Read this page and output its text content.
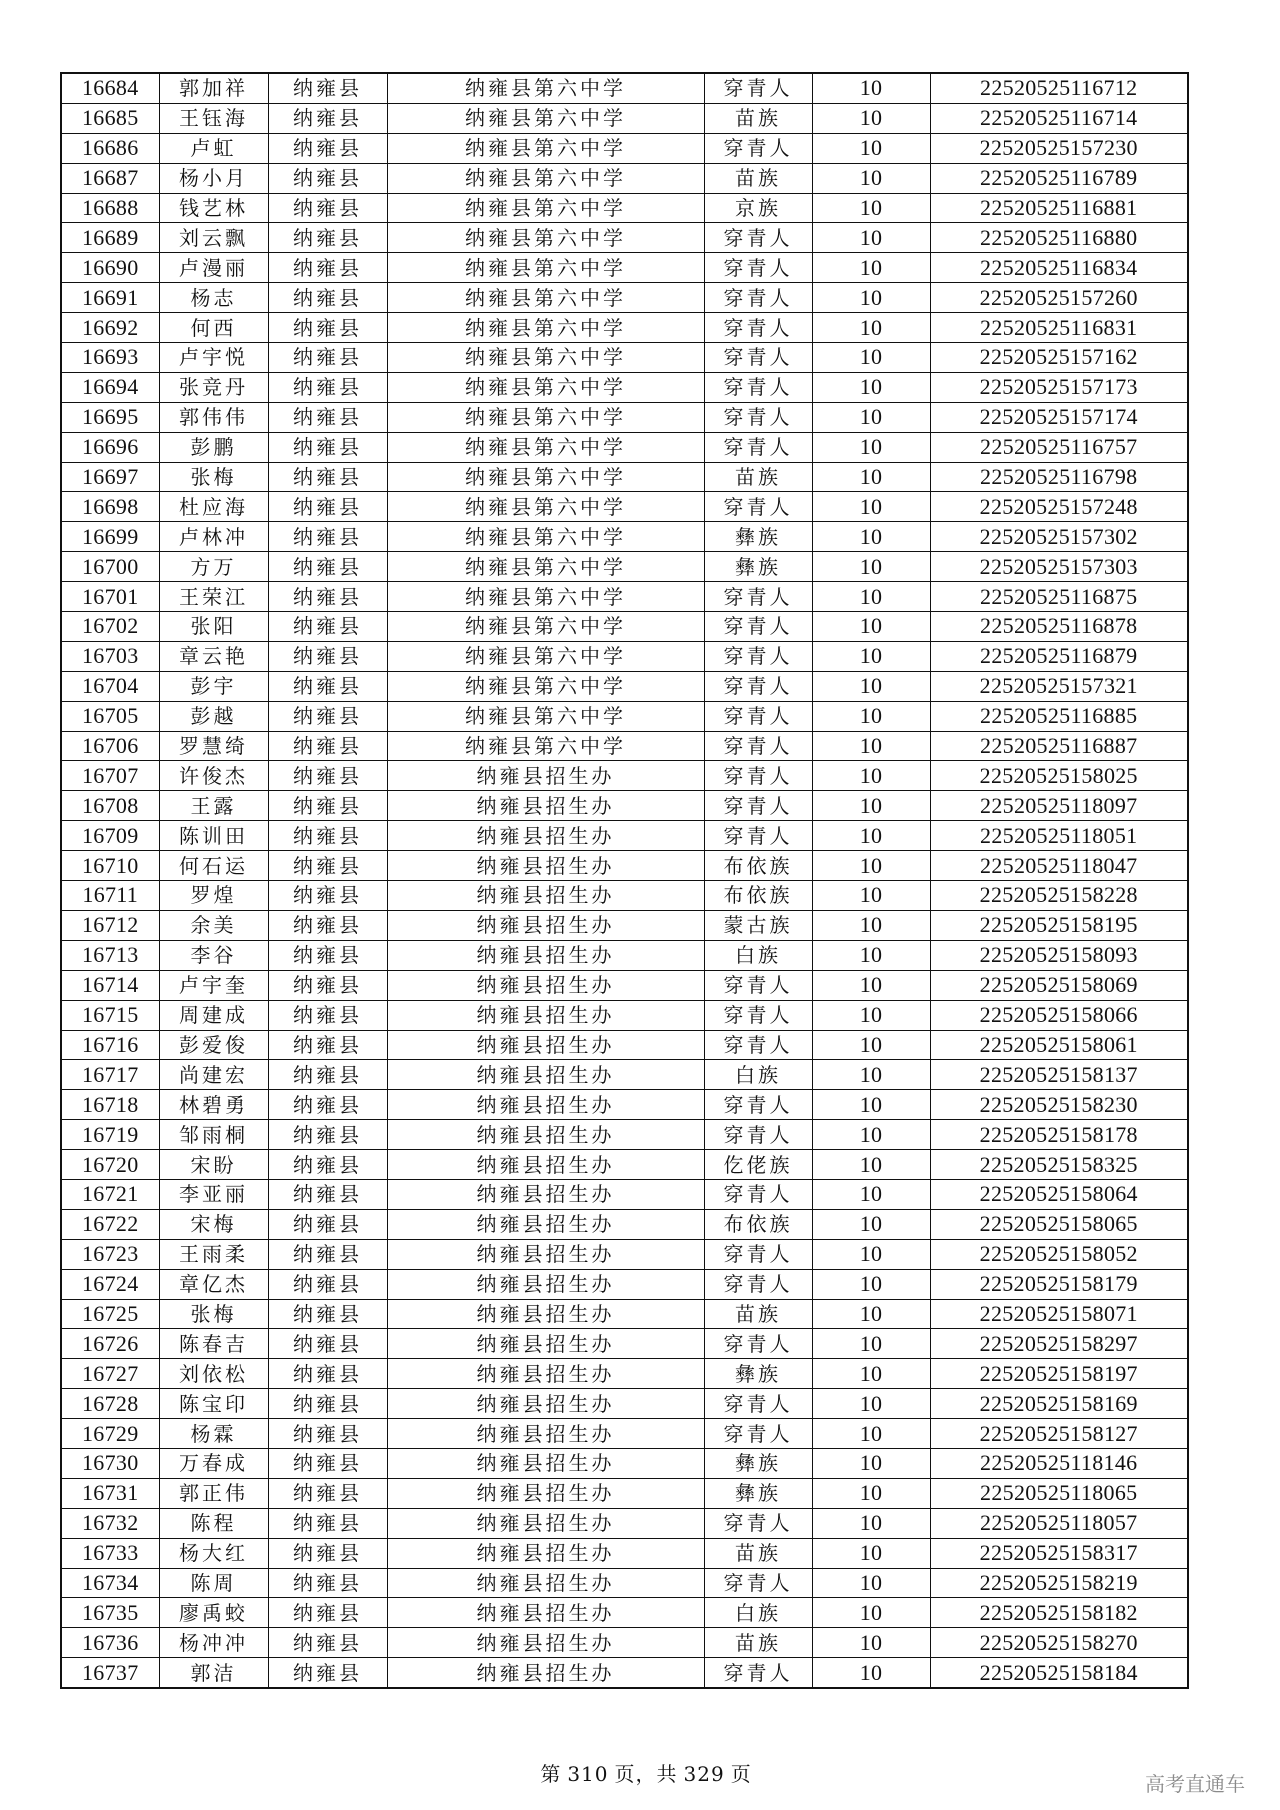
16684	郭加祥	纳雍县	纳雍县第六中学	穿青人	10	22520525116712
16685	王钰海	纳雍县	纳雍县第六中学	苗族	10	22520525116714
16686	卢虹	纳雍县	纳雍县第六中学	穿青人	10	22520525157230
16687	杨小月	纳雍县	纳雍县第六中学	苗族	10	22520525116789
16688	钱艺林	纳雍县	纳雍县第六中学	京族	10	22520525116881
16689	刘云飘	纳雍县	纳雍县第六中学	穿青人	10	22520525116880
16690	卢漫丽	纳雍县	纳雍县第六中学	穿青人	10	22520525116834
16691	杨志	纳雍县	纳雍县第六中学	穿青人	10	22520525157260
16692	何西	纳雍县	纳雍县第六中学	穿青人	10	22520525116831
16693	卢宇悦	纳雍县	纳雍县第六中学	穿青人	10	22520525157162
16694	张竞丹	纳雍县	纳雍县第六中学	穿青人	10	22520525157173
16695	郭伟伟	纳雍县	纳雍县第六中学	穿青人	10	22520525157174
16696	彭鹏	纳雍县	纳雍县第六中学	穿青人	10	22520525116757
16697	张梅	纳雍县	纳雍县第六中学	苗族	10	22520525116798
16698	杜应海	纳雍县	纳雍县第六中学	穿青人	10	22520525157248
16699	卢林冲	纳雍县	纳雍县第六中学	彝族	10	22520525157302
16700	方万	纳雍县	纳雍县第六中学	彝族	10	22520525157303
16701	王荣江	纳雍县	纳雍县第六中学	穿青人	10	22520525116875
16702	张阳	纳雍县	纳雍县第六中学	穿青人	10	22520525116878
16703	章云艳	纳雍县	纳雍县第六中学	穿青人	10	22520525116879
16704	彭宇	纳雍县	纳雍县第六中学	穿青人	10	22520525157321
16705	彭越	纳雍县	纳雍县第六中学	穿青人	10	22520525116885
16706	罗慧绮	纳雍县	纳雍县第六中学	穿青人	10	22520525116887
16707	许俊杰	纳雍县	纳雍县招生办	穿青人	10	22520525158025
16708	王露	纳雍县	纳雍县招生办	穿青人	10	22520525118097
16709	陈训田	纳雍县	纳雍县招生办	穿青人	10	22520525118051
16710	何石运	纳雍县	纳雍县招生办	布依族	10	22520525118047
16711	罗煌	纳雍县	纳雍县招生办	布依族	10	22520525158228
16712	余美	纳雍县	纳雍县招生办	蒙古族	10	22520525158195
16713	李谷	纳雍县	纳雍县招生办	白族	10	22520525158093
16714	卢宇奎	纳雍县	纳雍县招生办	穿青人	10	22520525158069
16715	周建成	纳雍县	纳雍县招生办	穿青人	10	22520525158066
16716	彭爱俊	纳雍县	纳雍县招生办	穿青人	10	22520525158061
16717	尚建宏	纳雍县	纳雍县招生办	白族	10	22520525158137
16718	林碧勇	纳雍县	纳雍县招生办	穿青人	10	22520525158230
16719	邹雨桐	纳雍县	纳雍县招生办	穿青人	10	22520525158178
16720	宋盼	纳雍县	纳雍县招生办	仡佬族	10	22520525158325
16721	李亚丽	纳雍县	纳雍县招生办	穿青人	10	22520525158064
16722	宋梅	纳雍县	纳雍县招生办	布依族	10	22520525158065
16723	王雨柔	纳雍县	纳雍县招生办	穿青人	10	22520525158052
16724	章亿杰	纳雍县	纳雍县招生办	穿青人	10	22520525158179
16725	张梅	纳雍县	纳雍县招生办	苗族	10	22520525158071
16726	陈春吉	纳雍县	纳雍县招生办	穿青人	10	22520525158297
16727	刘依松	纳雍县	纳雍县招生办	彝族	10	22520525158197
16728	陈宝印	纳雍县	纳雍县招生办	穿青人	10	22520525158169
16729	杨霖	纳雍县	纳雍县招生办	穿青人	10	22520525158127
16730	万春成	纳雍县	纳雍县招生办	彝族	10	22520525118146
16731	郭正伟	纳雍县	纳雍县招生办	彝族	10	22520525118065
16732	陈程	纳雍县	纳雍县招生办	穿青人	10	22520525118057
16733	杨大红	纳雍县	纳雍县招生办	苗族	10	22520525158317
16734	陈周	纳雍县	纳雍县招生办	穿青人	10	22520525158219
16735	廖禹蛟	纳雍县	纳雍县招生办	白族	10	22520525158182
16736	杨冲冲	纳雍县	纳雍县招生办	苗族	10	22520525158270
16737	郭洁	纳雍县	纳雍县招生办	穿青人	10	22520525158184
第 310 页，共 329 页	高考直通车
